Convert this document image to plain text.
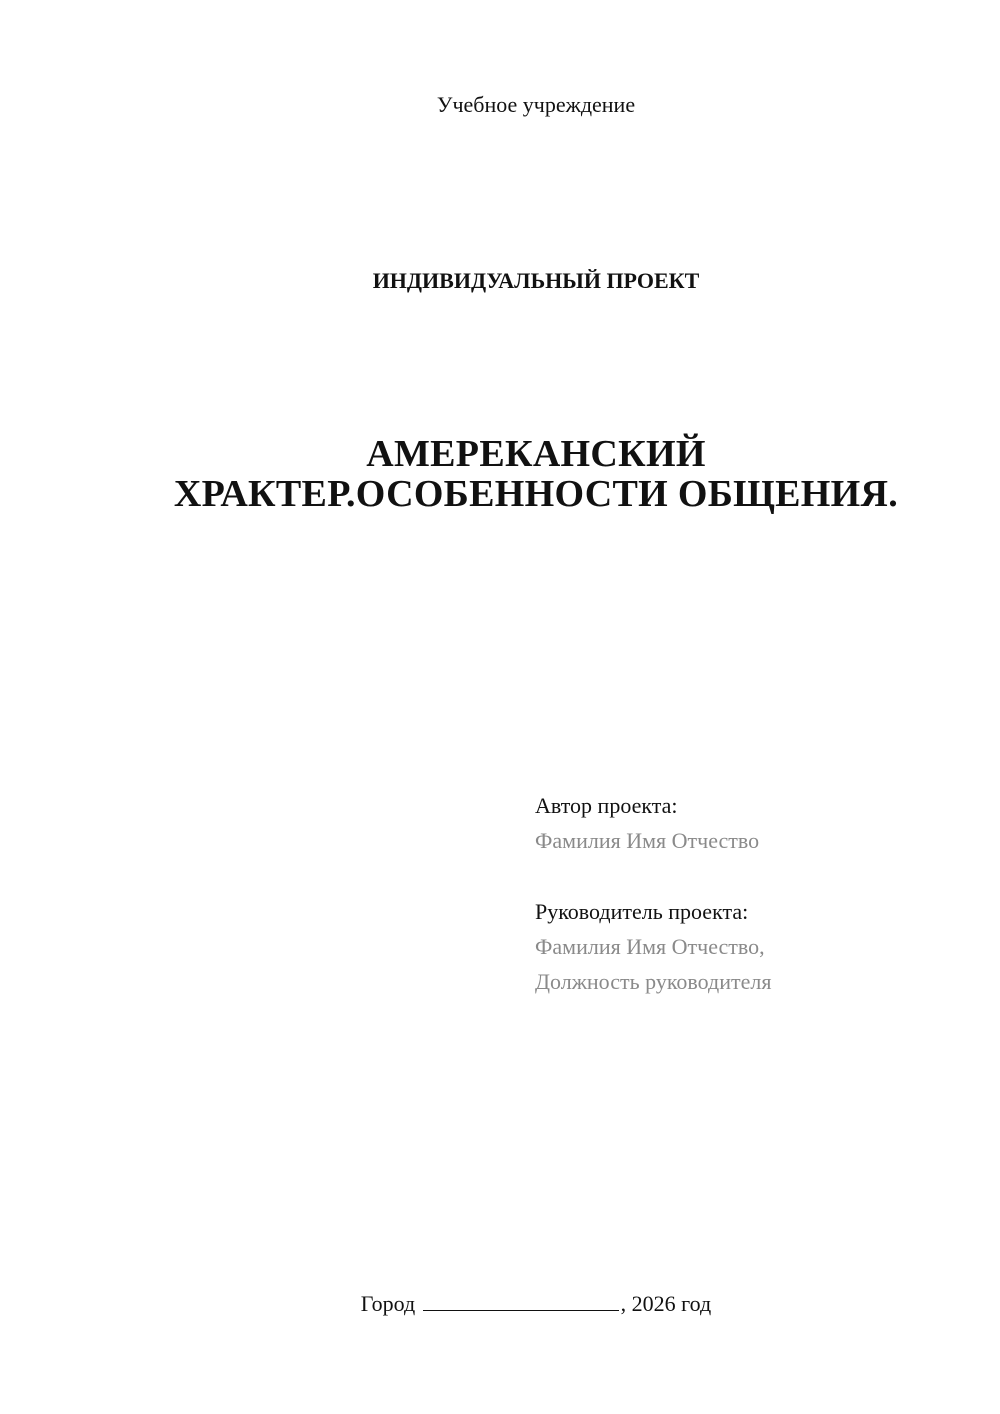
Учебное учреждение
ИНДИВИДУАЛЬНЫЙ ПРОЕКТ
АМЕРЕКАНСКИЙ
ХРАКТЕР.ОСОБЕННОСТИ ОБЩЕНИЯ.
Автор проекта:
Фамилия Имя Отчество
Руководитель проекта:
Фамилия Имя Отчество,
Должность руководителя
Город	, 2026 год
